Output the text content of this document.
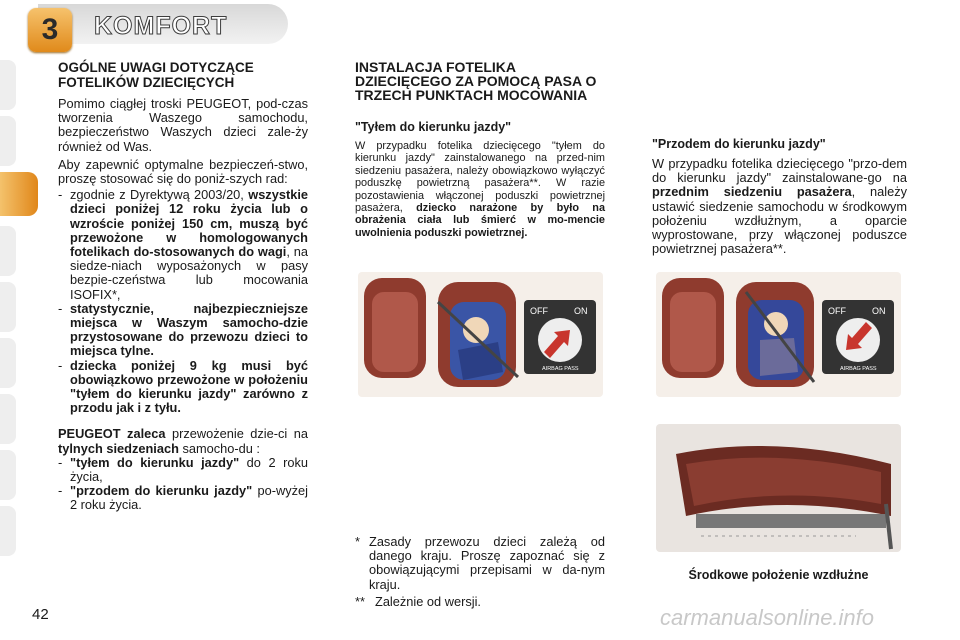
3	KOMFORT
OGÓLNE UWAGI DOTYCZĄCE FOTELIKÓW DZIECIĘCYCH
Pomimo ciągłej troski PEUGEOT, pod-czas tworzenia Waszego samochodu, bezpieczeństwo Waszych dzieci zale-ży również od Was.
Aby zapewnić optymalne bezpieczeń-stwo, proszę stosować się do poniż-szych rad:
- zgodnie z Dyrektywą 2003/20, wszystkie dzieci poniżej 12 roku życia lub o wzroście poniżej 150 cm, muszą być przewożone w homologowanych fotelikach do-stosowanych do wagi, na siedze-niach wyposażonych w pasy bezpie-czeństwa lub mocowania ISOFIX*,
- statystycznie, najbezpieczniejsze miejsca w Waszym samocho-dzie przystosowane do przewozu dzieci to miejsca tylne.
- dziecka poniżej 9 kg musi być obowiązkowo przewożone w położeniu "tyłem do kierunku jazdy" zarówno z przodu jak i z tyłu.
PEUGEOT zaleca przewożenie dzie-ci na tylnych siedzeniach samocho-du :
- "tyłem do kierunku jazdy" do 2 roku życia,
- "przodem do kierunku jazdy" po-wyżej 2 roku życia.
INSTALACJA FOTELIKA DZIECIĘCEGO ZA POMOCĄ PASA O TRZECH PUNKTACH MOCOWANIA
"Tyłem do kierunku jazdy"
W przypadku fotelika dziecięcego "tyłem do kierunku jazdy" zainstalowanego na przed-nim siedzeniu pasażera, należy obowiązkowo wyłączyć poduszkę powietrzną pasażera**. W razie pozostawienia włączonej poduszki powietrznej pasażera, dziecko narażone by było na obrażenia ciała lub śmierć w mo-mencie uwolnienia poduszki powietrznej.
OFF	ON
AIRBAG PASS
* Zasady przewozu dzieci zależą od danego kraju. Proszę zapoznać się z obowiązującymi przepisami w da-nym kraju.
** Zależnie od wersji.
"Przodem do kierunku jazdy"
W przypadku fotelika dziecięcego "przo-dem do kierunku jazdy" zainstalowane-go na przednim siedzeniu pasażera, należy ustawić siedzenie samochodu w środkowym położeniu wzdłużnym, a oparcie wyprostowane, przy włączonej poduszce powietrznej pasażera**.
OFF	ON
AIRBAG PASS
Środkowe położenie wzdłużne
42	carmanualsonline.info
